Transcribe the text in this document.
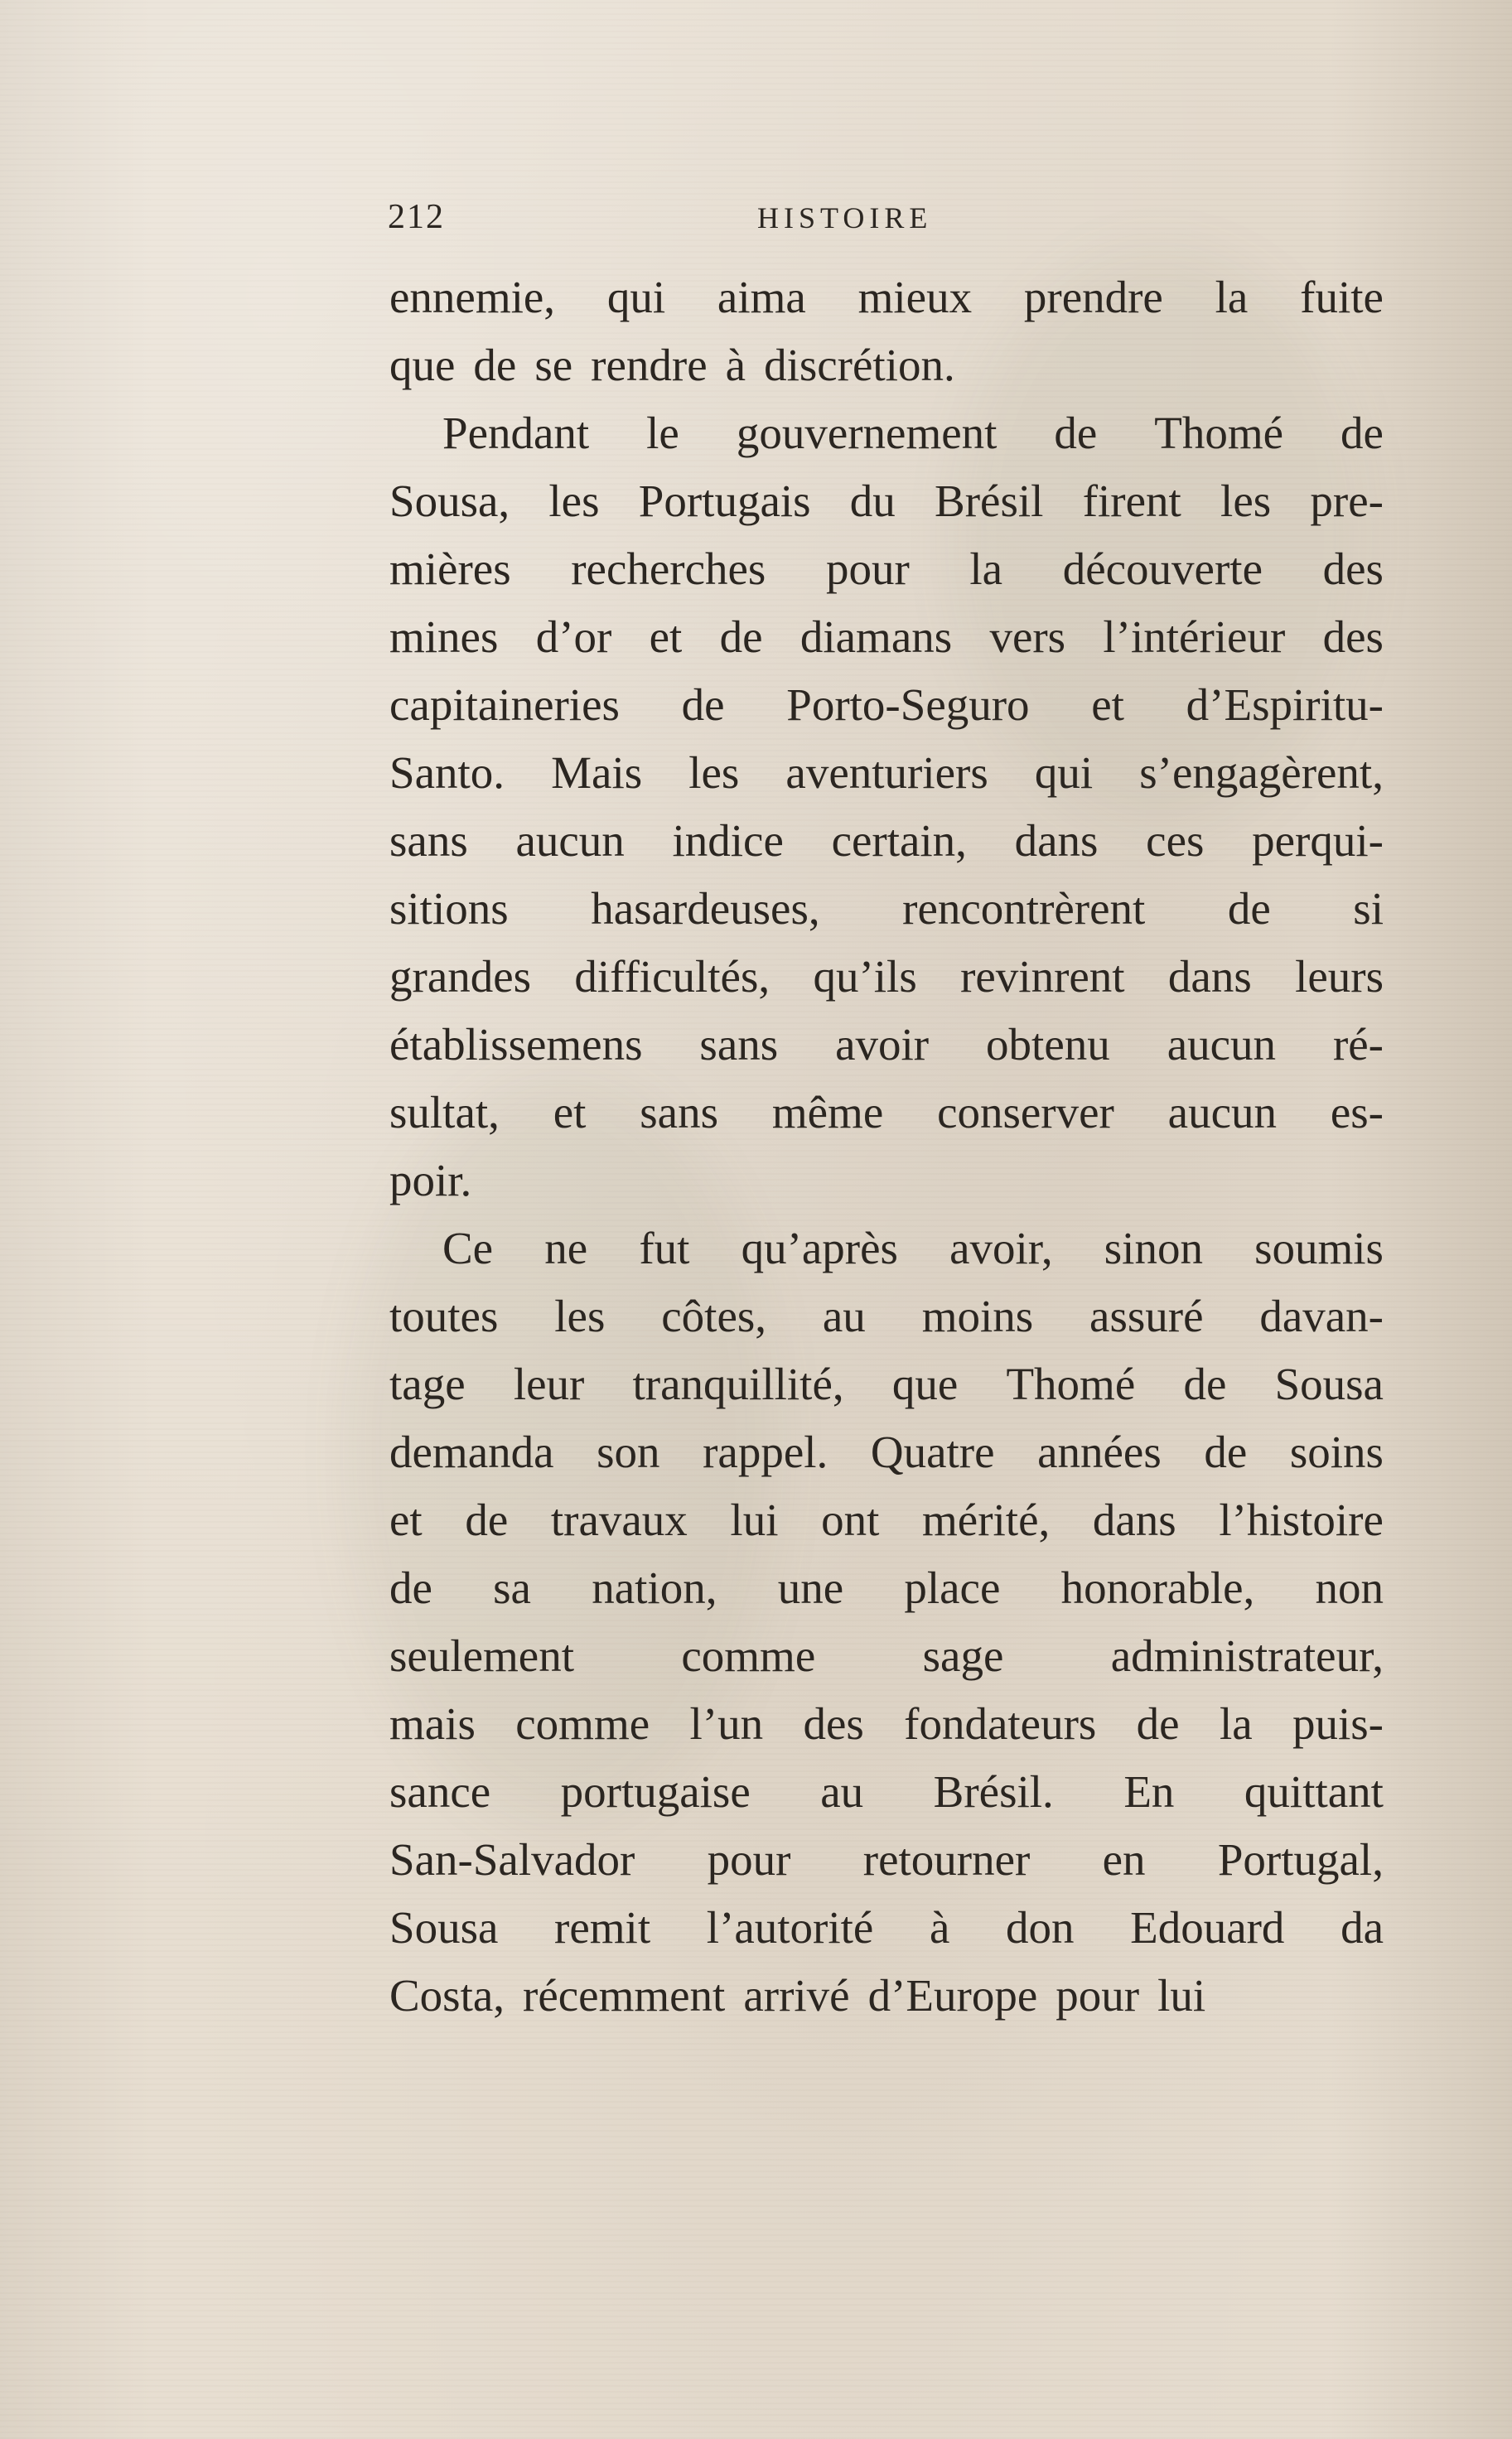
212	HISTOIRE
ennemie, qui aima mieux prendre la fuite
que de se rendre à discrétion.
Pendant le gouvernement de Thomé de
Sousa, les Portugais du Brésil firent les pre-
mières recherches pour la découverte des
mines d’or et de diamans vers l’intérieur des
capitaineries de Porto-Seguro et d’Espiritu-
Santo. Mais les aventuriers qui s’engagèrent,
sans aucun indice certain, dans ces perqui-
sitions hasardeuses, rencontrèrent de si
grandes difficultés, qu’ils revinrent dans leurs
établissemens sans avoir obtenu aucun ré-
sultat, et sans même conserver aucun es-
poir.
Ce ne fut qu’après avoir, sinon soumis
toutes les côtes, au moins assuré davan-
tage leur tranquillité, que Thomé de Sousa
demanda son rappel. Quatre années de soins
et de travaux lui ont mérité, dans l’histoire
de sa nation, une place honorable, non
seulement comme sage administrateur,
mais comme l’un des fondateurs de la puis-
sance portugaise au Brésil. En quittant
San-Salvador pour retourner en Portugal,
Sousa remit l’autorité à don Edouard da
Costa, récemment arrivé d’Europe pour lui
